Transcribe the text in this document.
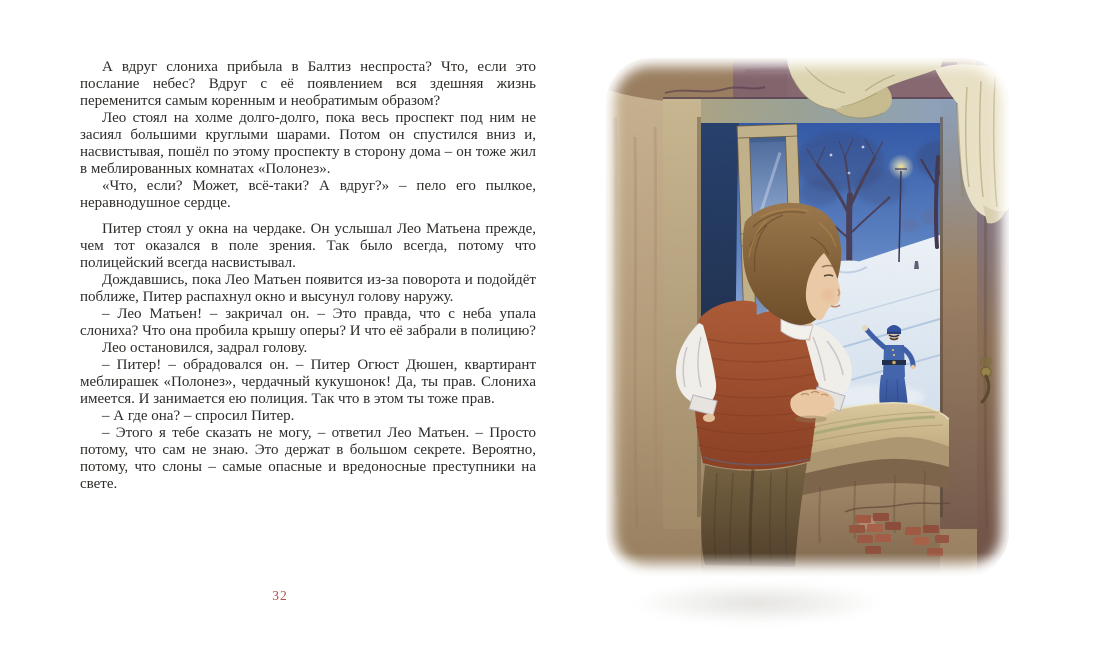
А вдруг слониха прибыла в Балтиз неспроста? Что, если это послание небес? Вдруг с её появлением вся здешняя жизнь переменится самым коренным и необратимым образом?

Лео стоял на холме долго-долго, пока весь проспект под ним не засиял большими круглыми шарами. Потом он спустился вниз и, насвистывая, пошёл по этому проспекту в сторону дома – он тоже жил в меблированных комнатах «Полонез».

«Что, если? Может, всё-таки? А вдруг?» – пело его пылкое, неравнодушное сердце.

Питер стоял у окна на чердаке. Он услышал Лео Матьена прежде, чем тот оказался в поле зрения. Так было всегда, потому что полицейский всегда насвистывал.

Дождавшись, пока Лео Матьен появится из-за поворота и подойдёт поближе, Питер распахнул окно и высунул голову наружу.

– Лео Матьен! – закричал он. – Это правда, что с неба упала слониха? Что она пробила крышу оперы? И что её забрали в полицию?

Лео остановился, задрал голову.

– Питер! – обрадовался он. – Питер Огюст Дюшен, квартирант меблирашек «Полонез», чердачный кукушонок! Да, ты прав. Слониха имеется. И занимается ею полиция. Так что в этом ты тоже прав.

– А где она? – спросил Питер.

– Этого я тебе сказать не могу, – ответил Лео Матьен. – Просто потому, что сам не знаю. Это держат в большом секрете. Вероятно, потому, что слоны – самые опасные и вредоносные преступники на свете.

32
